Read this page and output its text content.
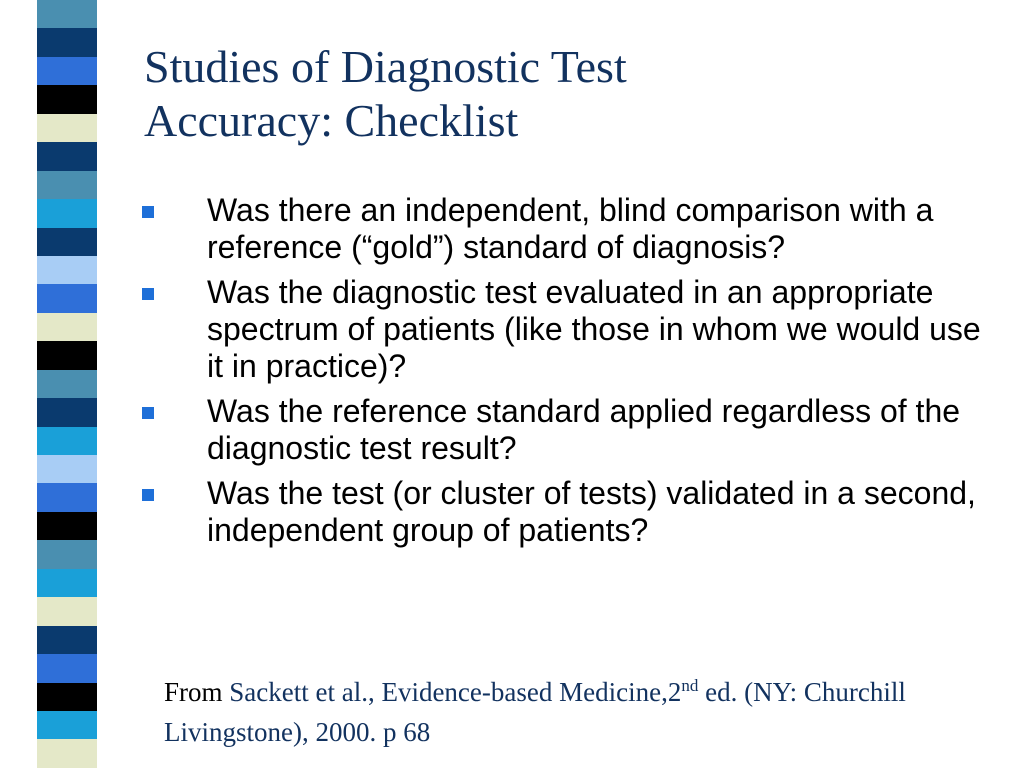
Studies of Diagnostic Test
Accuracy: Checklist
Was there an independent, blind comparison with a reference (“gold”) standard of diagnosis?
Was the diagnostic test evaluated in an appropriate spectrum of patients (like those in whom we would use it in practice)?
Was the reference standard applied regardless of the diagnostic test result?
Was the test (or cluster of tests) validated in a second, independent group of patients?
From Sackett et al., Evidence-based Medicine,2nd ed. (NY: Churchill Livingstone), 2000. p 68
